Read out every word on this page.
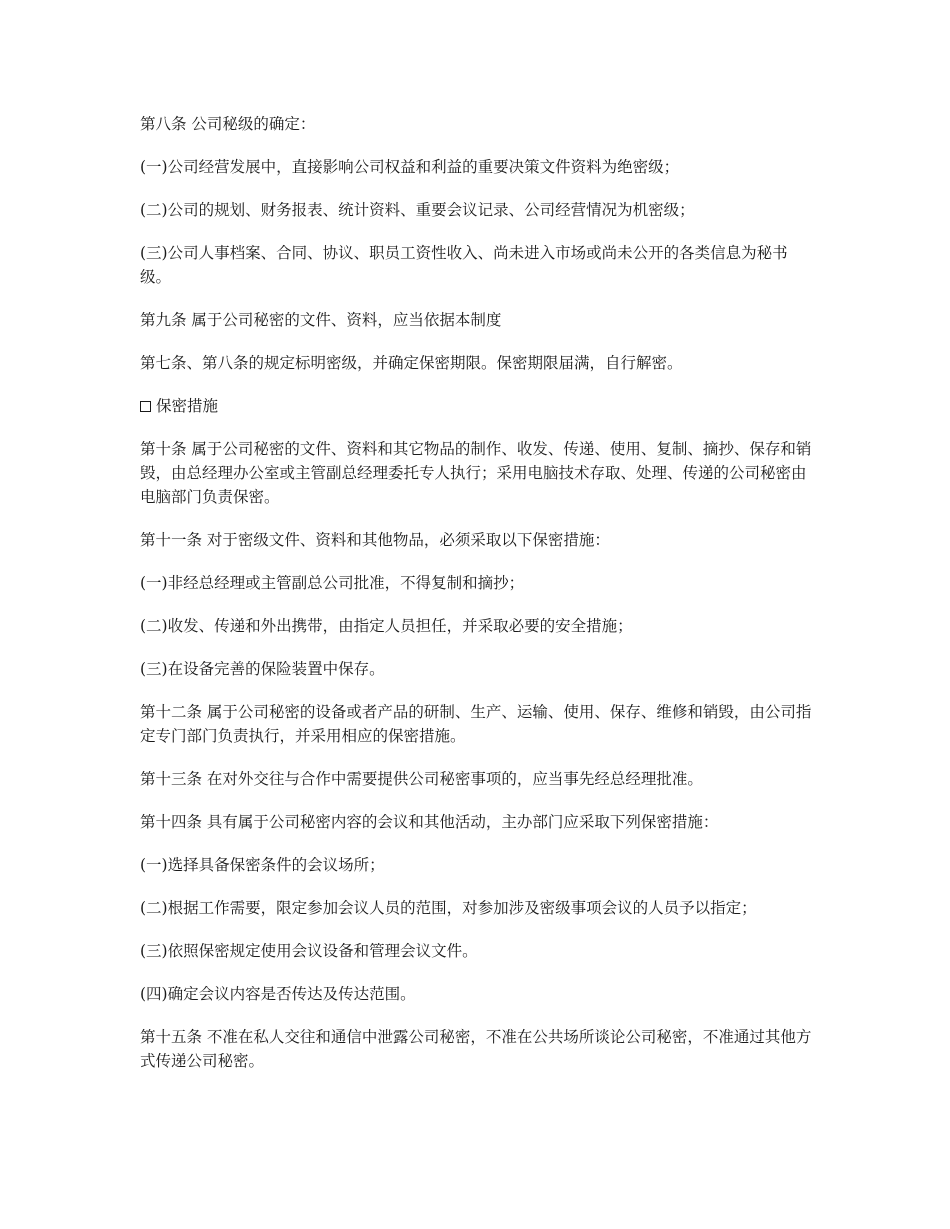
第八条 公司秘级的确定：

(一)公司经营发展中，直接影响公司权益和利益的重要决策文件资料为绝密级；

(二)公司的规划、财务报表、统计资料、重要会议记录、公司经营情况为机密级；

(三)公司人事档案、合同、协议、职员工资性收入、尚未进入市场或尚未公开的各类信息为秘书级。

第九条 属于公司秘密的文件、资料，应当依据本制度

第七条、第八条的规定标明密级，并确定保密期限。保密期限届满，自行解密。

保密措施

第十条 属于公司秘密的文件、资料和其它物品的制作、收发、传递、使用、复制、摘抄、保存和销毁，由总经理办公室或主管副总经理委托专人执行；采用电脑技术存取、处理、传递的公司秘密由电脑部门负责保密。

第十一条 对于密级文件、资料和其他物品，必须采取以下保密措施：

(一)非经总经理或主管副总公司批准，不得复制和摘抄；

(二)收发、传递和外出携带，由指定人员担任，并采取必要的安全措施；

(三)在设备完善的保险装置中保存。

第十二条 属于公司秘密的设备或者产品的研制、生产、运输、使用、保存、维修和销毁，由公司指定专门部门负责执行，并采用相应的保密措施。

第十三条 在对外交往与合作中需要提供公司秘密事项的，应当事先经总经理批准。

第十四条 具有属于公司秘密内容的会议和其他活动，主办部门应采取下列保密措施：

(一)选择具备保密条件的会议场所；

(二)根据工作需要，限定参加会议人员的范围，对参加涉及密级事项会议的人员予以指定；

(三)依照保密规定使用会议设备和管理会议文件。

(四)确定会议内容是否传达及传达范围。

第十五条 不准在私人交往和通信中泄露公司秘密，不准在公共场所谈论公司秘密，不准通过其他方式传递公司秘密。
